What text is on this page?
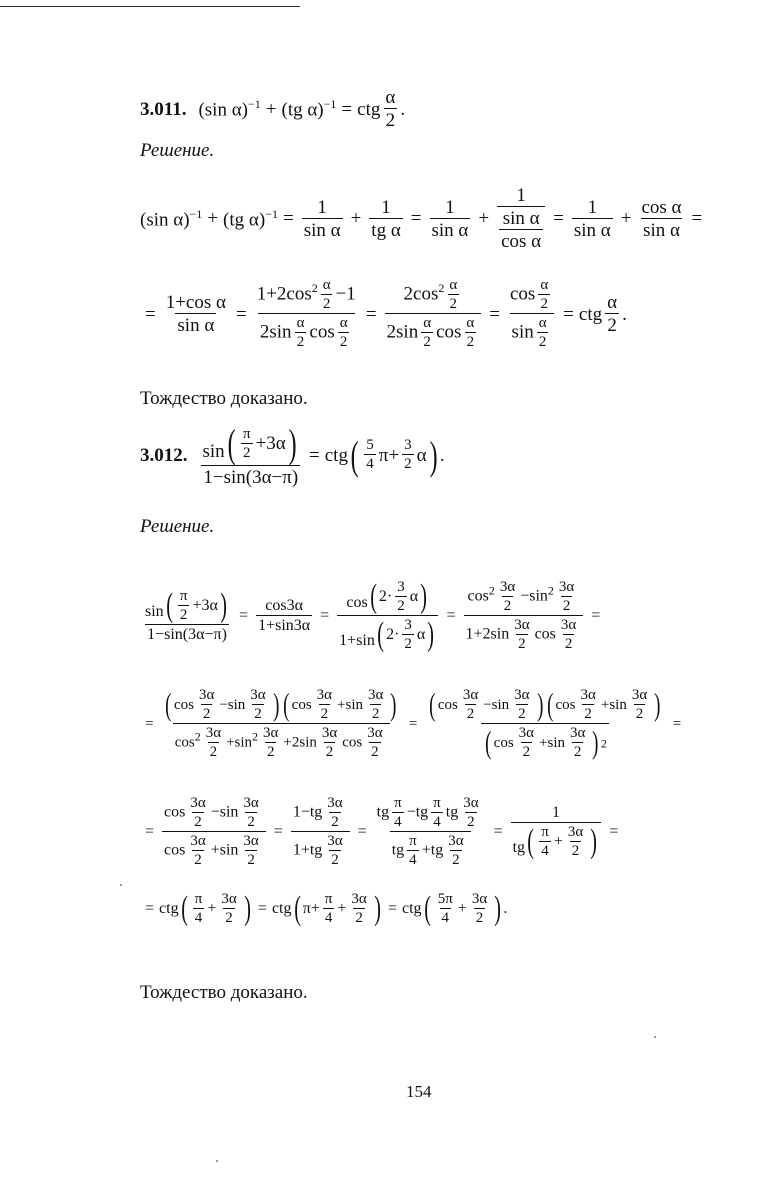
3.011. (sin α)$^{-1}$ + (tg α)$^{-1}$ = ctg $\frac{\alpha}{2}$ .
Решение.
(sin α)$^{-1}$ + (tg $\alpha)^{-1} = \frac{1}{\text{sin α}} + \frac{1}{\text{tg α}} = \frac{1}{\text{sin α}} + \frac{1}{\frac{\text{sin α}}{\text{cos α}}} = \frac{1}{\text{sin α}} + \frac{\text{cos α}}{\text{sin α}}$ =
= $\frac{\text{1+cos α}}{\text{sin α}} = \frac{1+2\cos^2 \frac{\alpha}{2} -1}{2\sin \frac{\alpha}{2} \cos \frac{\alpha}{2}} = \frac{2\cos^2 \frac{\alpha}{2}}{2\sin \frac{\alpha}{2} \cos \frac{\alpha}{2}} = \frac{\cos \frac{\alpha}{2}}{\sin \frac{\alpha}{2}}$ = ctg $\frac{\alpha}{2}$ .
Тождество доказано.
3.012. sin
( $\frac{\pi}{2} +3\alpha$ )
1−sin(3α−π) = ctg
( $\frac{5}{4} \pi+ \frac{3}{2}$ α ) .
Решение.
sin
( $\frac{\pi}{2} +3\alpha$ )
$1-\sin(3\alpha-\pi) = \frac{\cos 3\alpha}{1+\sin 3\alpha} = \frac{\cos( 2\cdot \frac{3}{2} \alpha )}{1+\sin( 2\cdot \frac{3}{2} \alpha}$ ) = $\frac{\cos^2 \frac{3\alpha}{2} -\sin^2 \frac{3\alpha}{2}}{1+2\sin \frac{3\alpha}{2} \cos \frac{3\alpha}{2}}$ =
=
( $\cos \frac{3\alpha}{2} -\sin \frac{3\alpha}{2}$
)( $\cos \frac{3\alpha}{2} +\sin \frac{3\alpha}{2}$
)
$\cos^2 \frac{3\alpha}{2} +\sin^2 \frac{3\alpha}{2} +2\sin \frac{3\alpha}{2}$ $\cos \frac{3\alpha}{2}$ =
( $\cos \frac{3\alpha}{2} -\sin \frac{3\alpha}{2}$
)( $\cos \frac{3\alpha}{2} +\sin \frac{3\alpha}{2}$
)
( $\cos \frac{3\alpha}{2} +\sin \frac{3\alpha}{2}$
) $^2$ =
= $\frac{\cos \frac{3\alpha}{2} -\sin \frac{3\alpha}{2}}{\cos \frac{3\alpha}{2} +\sin \frac{3\alpha}{2}} = \frac{1-tg \frac{3\alpha}{2}}{1+tg \frac{3\alpha}{2}} = \frac{tg \frac{\pi}{4} -tg \frac{\pi}{4} tg \frac{3\alpha}{2}}{tg \frac{\pi}{4} +tg \frac{3\alpha}{2}} = 1$
tg
( $\frac{\pi}{4} + \frac{3\alpha}{2}$
) =
= ctg
( $\frac{\pi}{4} + \frac{3\alpha}{2}$
) = ctg
( $\pi+ \frac{\pi}{4} + \frac{3\alpha}{2}$
) = ctg
( $\frac{5\pi}{4} + \frac{3\alpha}{2}$
) .
Тождество доказано.
154
